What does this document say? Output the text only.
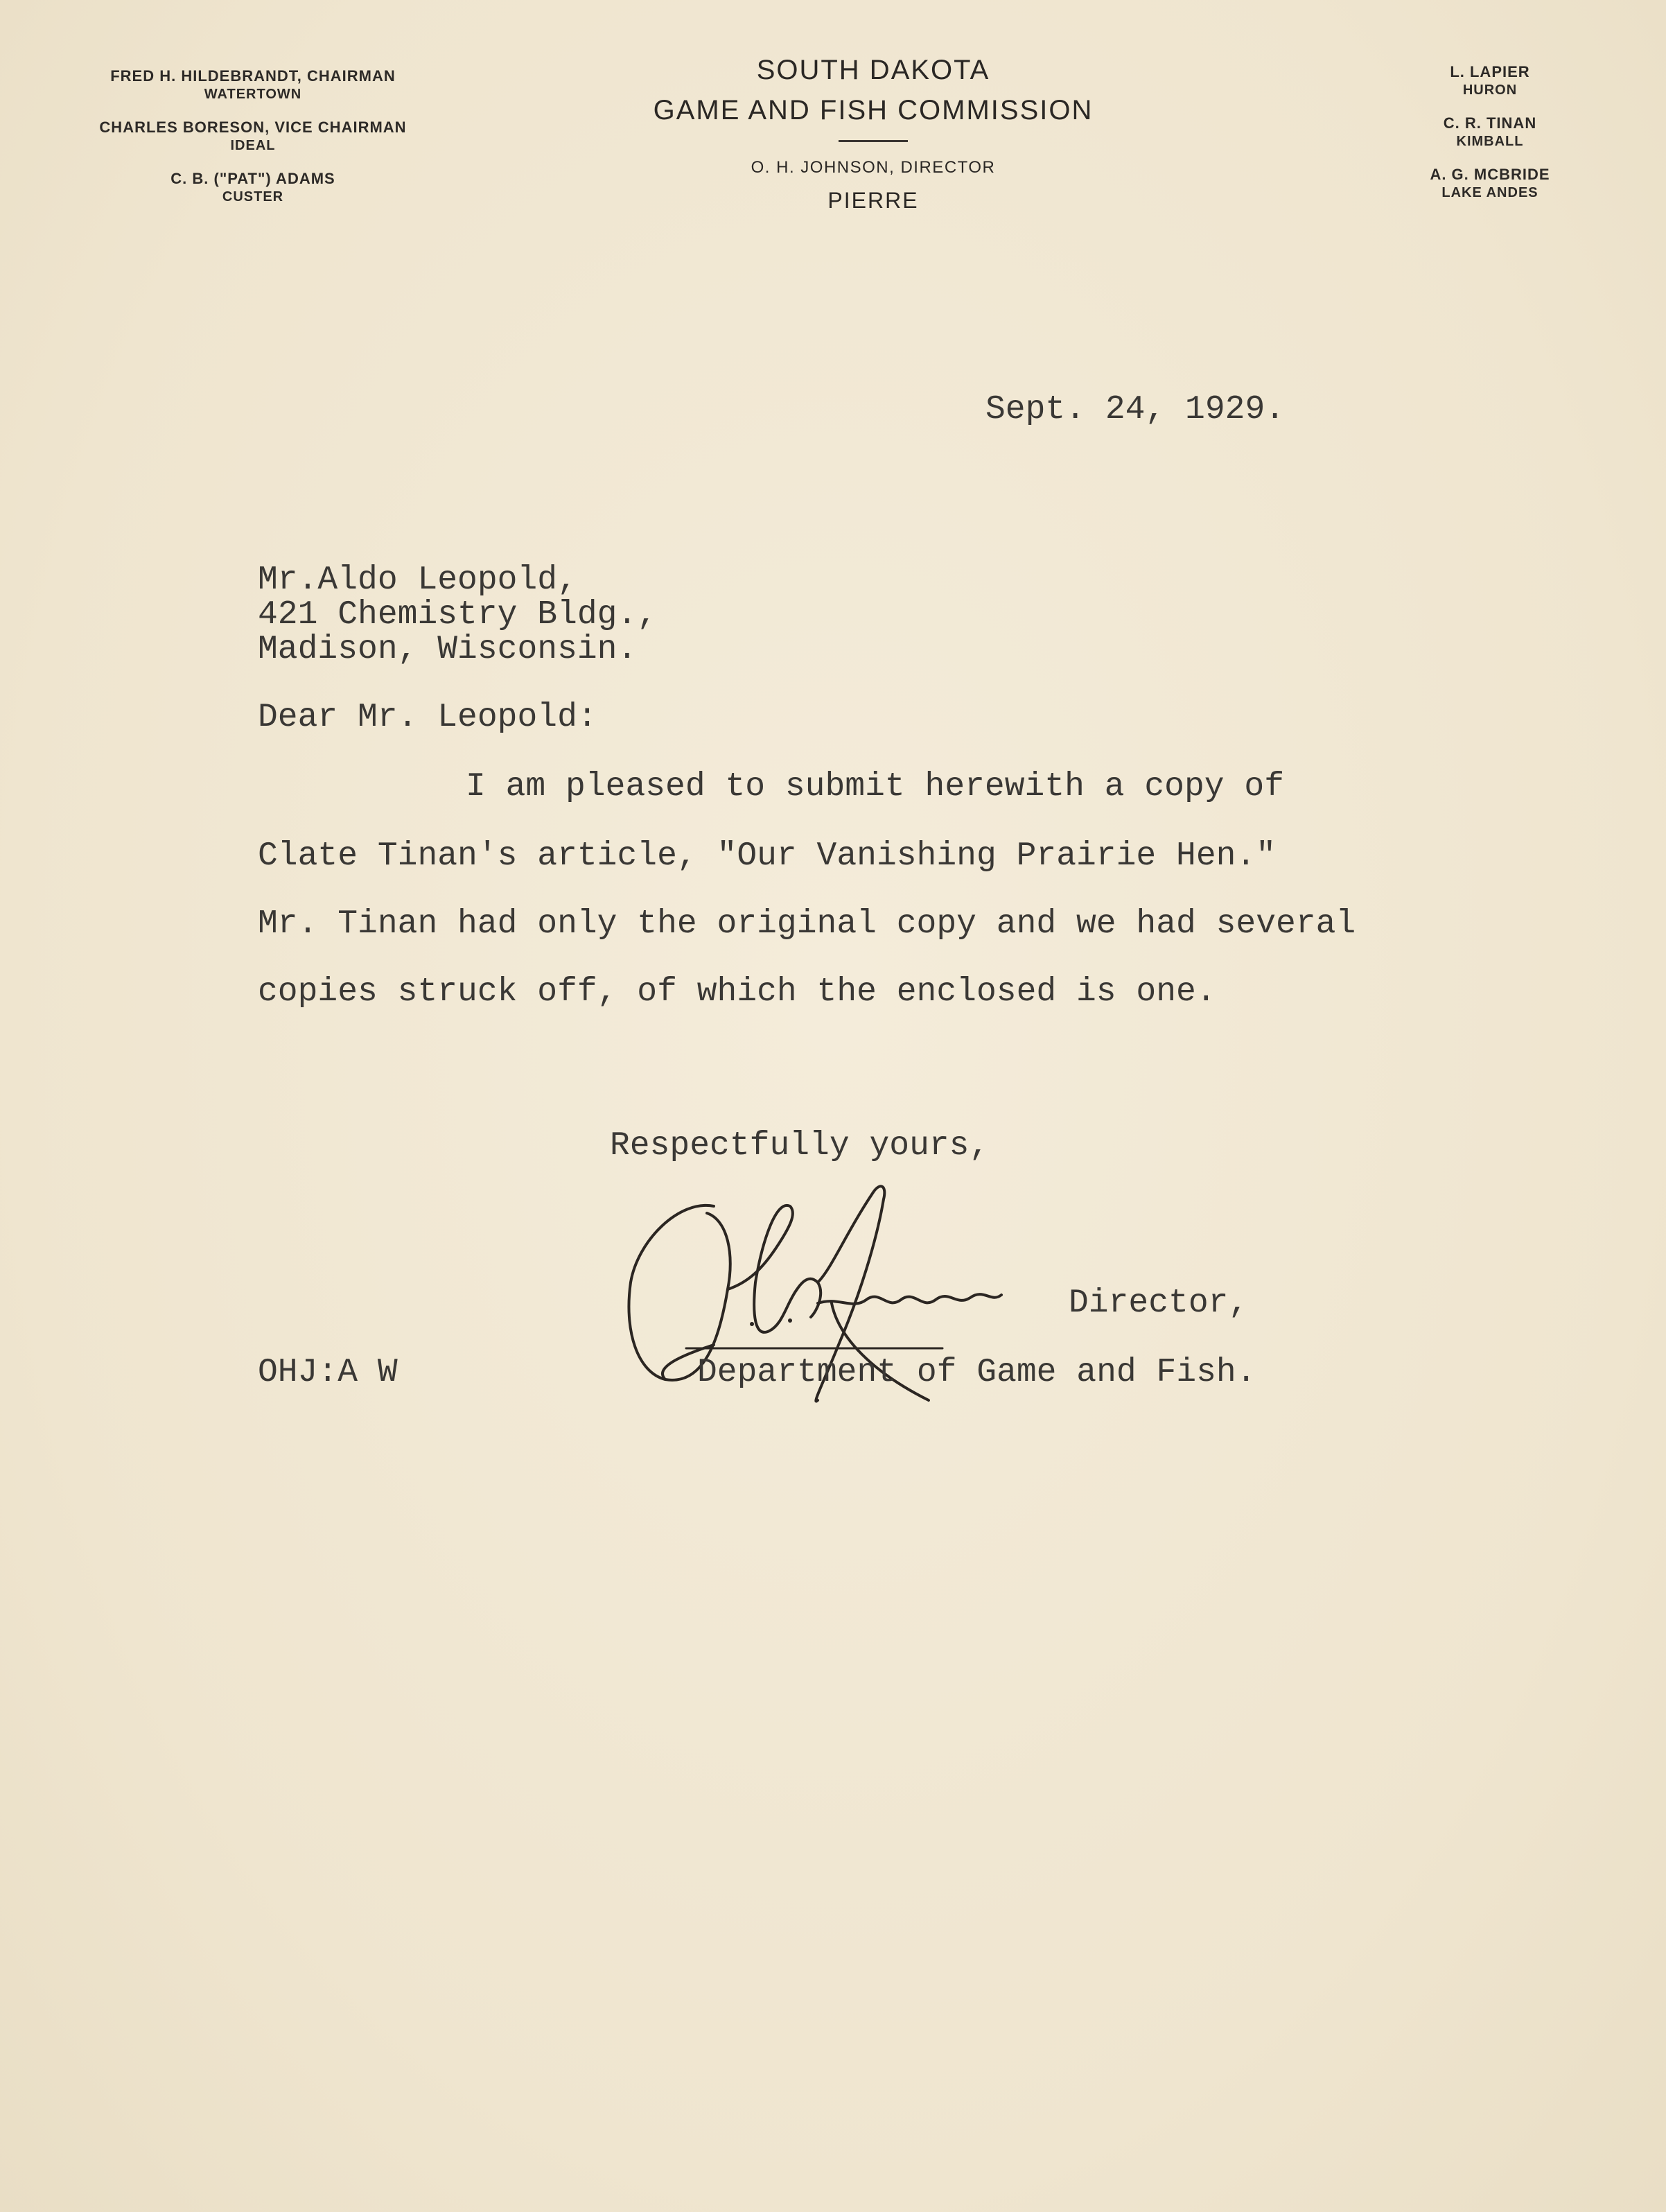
FRED H. HILDEBRANDT, CHAIRMAN
WATERTOWN
CHARLES BORESON, VICE CHAIRMAN
IDEAL
C. B. ("PAT") ADAMS
CUSTER
SOUTH DAKOTA
GAME AND FISH COMMISSION
O. H. JOHNSON, DIRECTOR
PIERRE
L. LAPIER
HURON
C. R. TINAN
KIMBALL
A. G. MCBRIDE
LAKE ANDES
Sept. 24, 1929.
Mr.Aldo Leopold,
421 Chemistry Bldg.,
Madison, Wisconsin.
Dear Mr. Leopold:
I am pleased to submit herewith a copy of
Clate Tinan's article, "Our Vanishing Prairie Hen."
Mr. Tinan had only the original copy and we had several
copies struck off, of which the enclosed is one.
Respectfully yours,
Director,
Department of Game and Fish.
OHJ:A W
